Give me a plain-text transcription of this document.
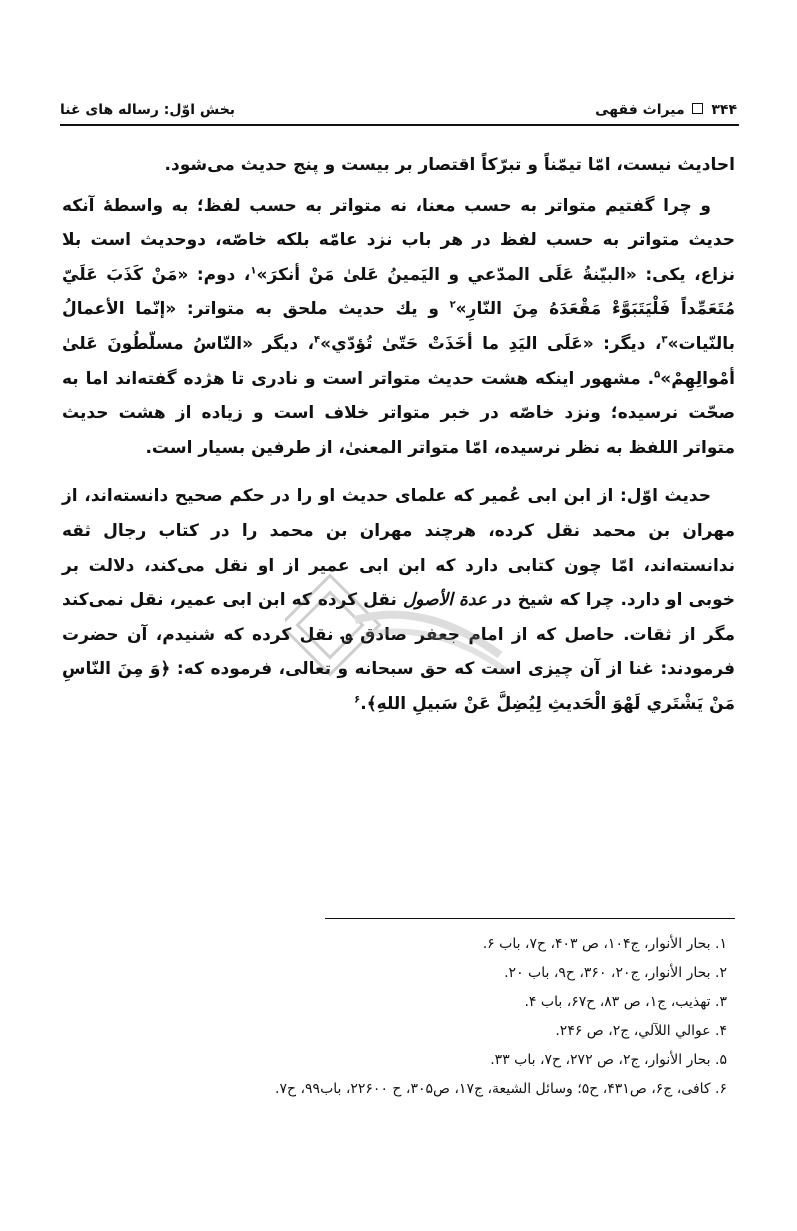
۳۴۴  میراث فقهی
بخش اوّل: رساله های غنا

احادیث نیست، امّا تیمّناً و تبرّکاً اقتصار بر بیست و پنج حدیث می‌شود.

و چرا گفتیم متواتر به حسب معنا، نه متواتر به حسب لفظ؛ به واسطهٔ آنکه حدیث متواتر به حسب لفظ در هر باب نزد عامّه بلکه خاصّه، دوحدیث است بلا نزاع، یکی: «البیّنةُ عَلَی المدّعي و الیَمینُ عَلیٰ مَنْ أنکرَ»$^۱$، دوم: «مَنْ کَذَبَ عَلَيّ مُتَعَمِّداً فَلْیَتَبَوَّءْ مَقْعَدَهُ مِنَ النّارِ»$^۲$ و یك حدیث ملحق به متواتر: «إنّما الأعمالُ بالنّیات»$^۳$، دیگر: «عَلَی الیَدِ ما أخَذَتْ حَتّیٰ تُؤدّي»$^۴$، دیگر «النّاسُ مسلّطُونَ عَلیٰ أمْوالِهِمْ»$^۵$. مشهور اینکه هشت حدیث متواتر است و نادری تا هژده گفته‌اند اما به صحّت نرسیده؛ ونزد خاصّه در خبر متواتر خلاف است و زیاده از هشت حدیث متواتر اللفظ به نظر نرسیده، امّا متواتر المعنیٰ، از طرفین بسیار است.

حدیث اوّل: از ابن ابی عُمیر که علمای حدیث او را در حکم صحیح دانسته‌اند، از مهران بن محمد نقل کرده، هرچند مهران بن محمد را در کتاب رجال ثقه ندانسته‌اند، امّا چون کتابی دارد که ابن ابی عمیر از او نقل می‌کند، دلالت بر خوبی او دارد. چرا که شیخ در عدة الأصول نقل کرده که ابن ابی عمیر، نقل نمی‌کند مگر از ثقات. حاصل که از امام جعفر صادق ؈ نقل کرده که شنیدم، آن حضرت فرمودند: غنا از آن چیزی است که حق سبحانه و تعالی، فرموده که: ﴿وَ مِنَ النّاسِ مَنْ یَشْتَري لَهْوَ الْحَدیثِ لِیُضِلَّ عَنْ سَبیلِ اللهِ﴾.$^۶$

۱. بحار الأنوار، ج۱۰۴، ص ۴۰۳، ح۷، باب ۶.
۲. بحار الأنوار، ج۲۰، ۳۶۰، ح۹، باب ۲۰.
۳. تهذیب، ج۱، ص ۸۳، ح۶۷، باب ۴.
۴. عوالي اللآلي، ج۲، ص ۲۴۶.
۵. بحار الأنوار، ج۲، ص ۲۷۲، ح۷، باب ۳۳.
۶. کافی، ج۶، ص۴۳۱، ح۵؛ وسائل الشیعة، ج۱۷، ص۳۰۵، ح ۲۲۶۰۰، باب۹۹، ح۷.
